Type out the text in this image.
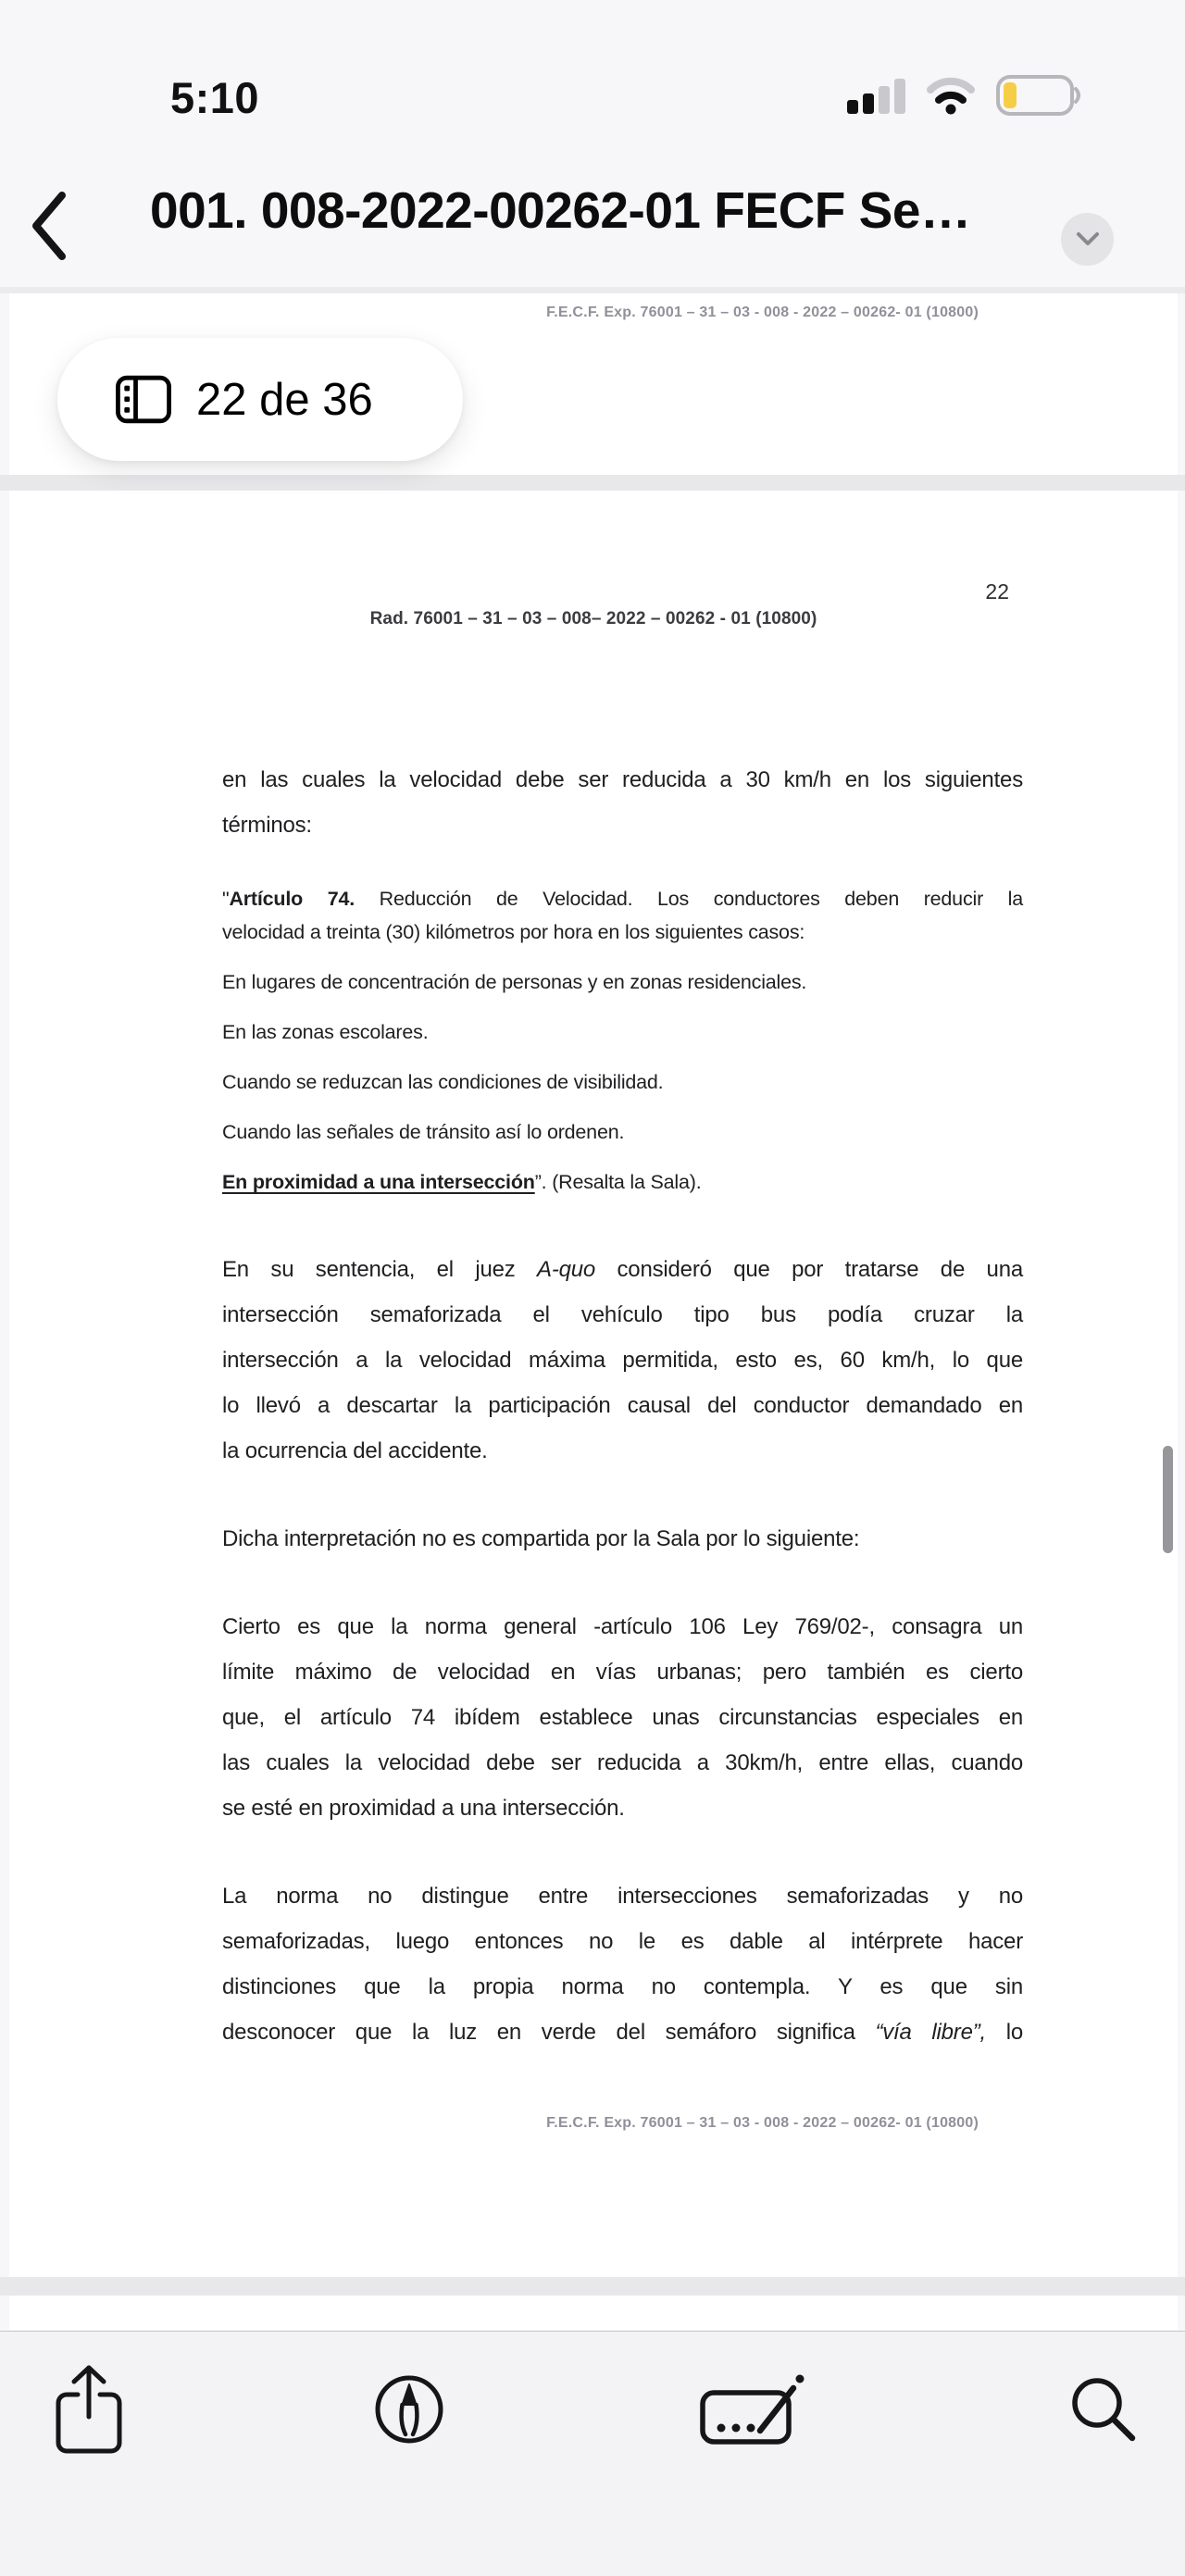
5:10
001. 008-2022-00262-01 FECF Se…
F.E.C.F. Exp. 76001 – 31 – 03 - 008 - 2022 – 00262- 01 (10800)
22
Rad. 76001 – 31 – 03 – 008– 2022 – 00262 - 01 (10800)
en las cuales la velocidad debe ser reducida a 30 km/h en los siguientes
términos:
"Artículo 74. Reducción de Velocidad. Los conductores deben reducir la
velocidad a treinta (30) kilómetros por hora en los siguientes casos:
En lugares de concentración de personas y en zonas residenciales.
En las zonas escolares.
Cuando se reduzcan las condiciones de visibilidad.
Cuando las señales de tránsito así lo ordenen.
En proximidad a una intersección”. (Resalta la Sala).
En su sentencia, el juez A-quo consideró que por tratarse de una
intersección semaforizada el vehículo tipo bus podía cruzar la
intersección a la velocidad máxima permitida, esto es, 60 km/h, lo que
lo llevó a descartar la participación causal del conductor demandado en
la ocurrencia del accidente.
Dicha interpretación no es compartida por la Sala por lo siguiente:
Cierto es que la norma general -artículo 106 Ley 769/02-, consagra un
límite máximo de velocidad en vías urbanas; pero también es cierto
que, el artículo 74 ibídem establece unas circunstancias especiales en
las cuales la velocidad debe ser reducida a 30km/h, entre ellas, cuando
se esté en proximidad a una intersección.
La norma no distingue entre intersecciones semaforizadas y no
semaforizadas, luego entonces no le es dable al intérprete hacer
distinciones que la propia norma no contempla. Y es que sin
desconocer que la luz en verde del semáforo significa “vía libre”, lo
F.E.C.F. Exp. 76001 – 31 – 03 - 008 - 2022 – 00262- 01 (10800)
22 de 36
